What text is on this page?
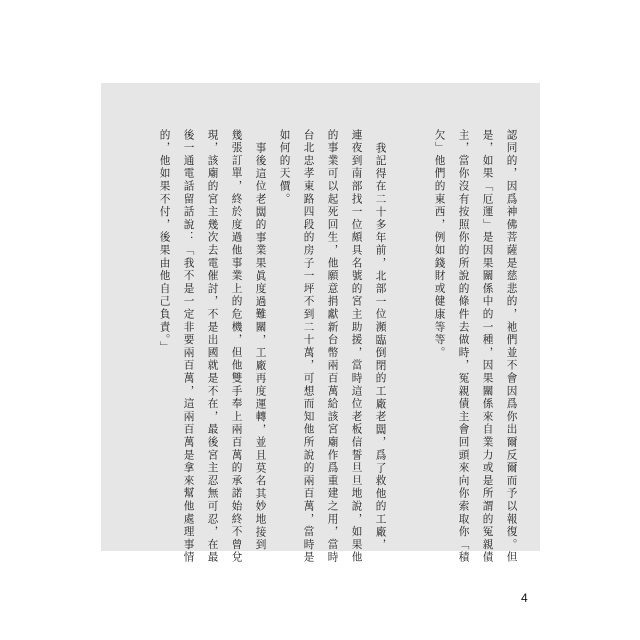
認同的，因爲神佛菩薩是慈悲的，祂們並不會因爲你出爾反爾而予以報復。但
是，如果「厄運」是因果關係中的一種，因果關係來自業力或是所謂的冤親債
主，當你沒有按照你的所說的條件去做時，冤親債主會回頭來向你索取你「積
欠」他們的東西，例如錢財或健康等等。
我記得在二十多年前，北部一位瀕臨倒閉的工廠老闆，爲了救他的工廠，
連夜到南部找一位頗具名號的宮主助援，當時這位老板信誓旦旦地說，如果他
的事業可以起死回生，他願意捐獻新台幣兩百萬給該宮廟作爲重建之用，當時
台北忠孝東路四段的房子一坪不到二十萬，可想而知他所說的兩百萬，當時是
如何的天價。
事後這位老闆的事業果眞度過難關，工廠再度運轉，並且莫名其妙地接到
幾張訂單，終於度過他事業上的危機，但他雙手奉上兩百萬的承諾始終不曾兌
現，該廟的宮主幾次去電催討，不是出國就是不在，最後宮主忍無可忍，在最
後一通電話留話說：「我不是一定非要兩百萬，這兩百萬是拿來幫他處理事情
的，他如果不付，後果由他自己負責。」
4
